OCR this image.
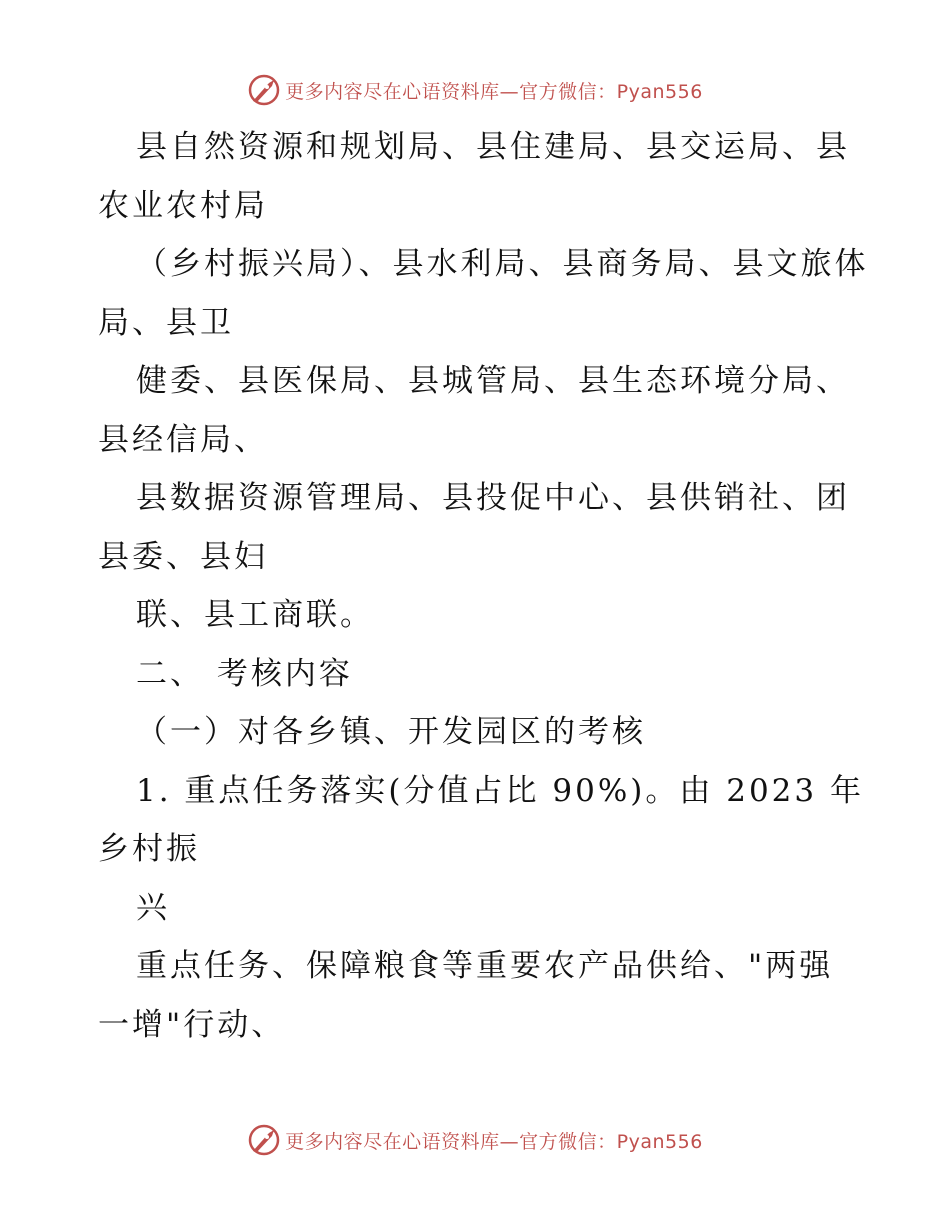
更多内容尽在心语资料库—官方微信：Pyan556
县自然资源和规划局、县住建局、县交运局、县
农业农村局
（乡村振兴局）、县水利局、县商务局、县文旅体
局、县卫
健委、县医保局、县城管局、县生态环境分局、
县经信局、
县数据资源管理局、县投促中心、县供销社、团
县委、县妇
联、县工商联。
二、 考核内容
（一）对各乡镇、开发园区的考核
1. 重点任务落实(分值占比 90%)。由 2023 年
乡村振
兴
重点任务、保障粮食等重要农产品供给、"两强
一增"行动、
更多内容尽在心语资料库—官方微信：Pyan556
